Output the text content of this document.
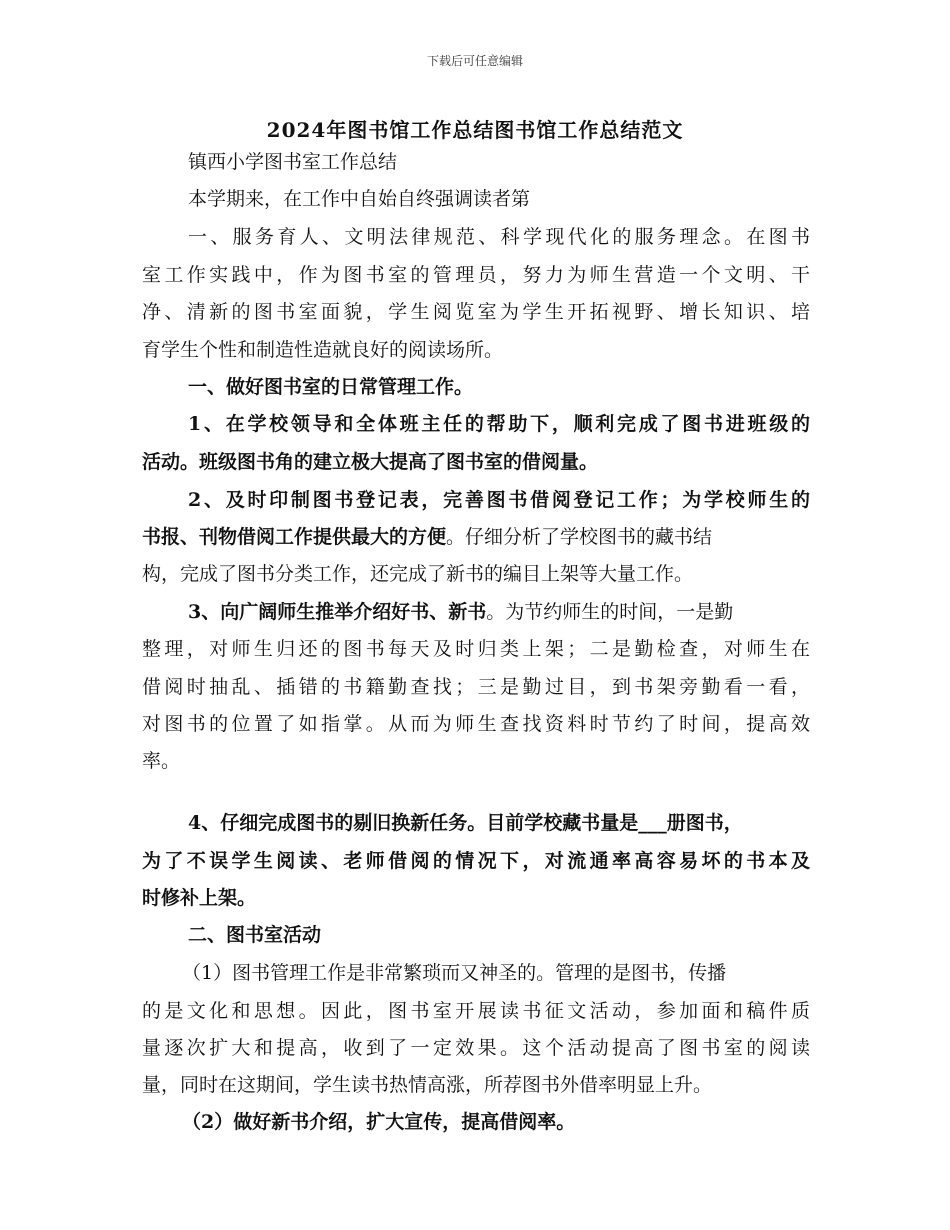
下载后可任意编辑
2024年图书馆工作总结图书馆工作总结范文
镇西小学图书室工作总结
本学期来，在工作中自始自终强调读者第
一、服务育人、文明法律规范、科学现代化的服务理念。在图书
室工作实践中，作为图书室的管理员，努力为师生营造一个文明、干
净、清新的图书室面貌，学生阅览室为学生开拓视野、增长知识、培
育学生个性和制造性造就良好的阅读场所。
一、做好图书室的日常管理工作。
1、在学校领导和全体班主任的帮助下，顺利完成了图书进班级的
活动。班级图书角的建立极大提高了图书室的借阅量。
2、及时印制图书登记表，完善图书借阅登记工作；为学校师生的
书报、刊物借阅工作提供最大的方便。仔细分析了学校图书的藏书结
构，完成了图书分类工作，还完成了新书的编目上架等大量工作。
3、向广阔师生推举介绍好书、新书。为节约师生的时间，一是勤
整理，对师生归还的图书每天及时归类上架；二是勤检查，对师生在
借阅时抽乱、插错的书籍勤查找；三是勤过目，到书架旁勤看一看，
对图书的位置了如指掌。从而为师生查找资料时节约了时间，提高效
率。
4、仔细完成图书的剔旧换新任务。目前学校藏书量是___册图书，
为了不误学生阅读、老师借阅的情况下，对流通率高容易坏的书本及
时修补上架。
二、图书室活动
（1）图书管理工作是非常繁琐而又神圣的。管理的是图书，传播
的是文化和思想。因此，图书室开展读书征文活动，参加面和稿件质
量逐次扩大和提高，收到了一定效果。这个活动提高了图书室的阅读
量，同时在这期间，学生读书热情高涨，所荐图书外借率明显上升。
（2）做好新书介绍，扩大宣传，提高借阅率。
